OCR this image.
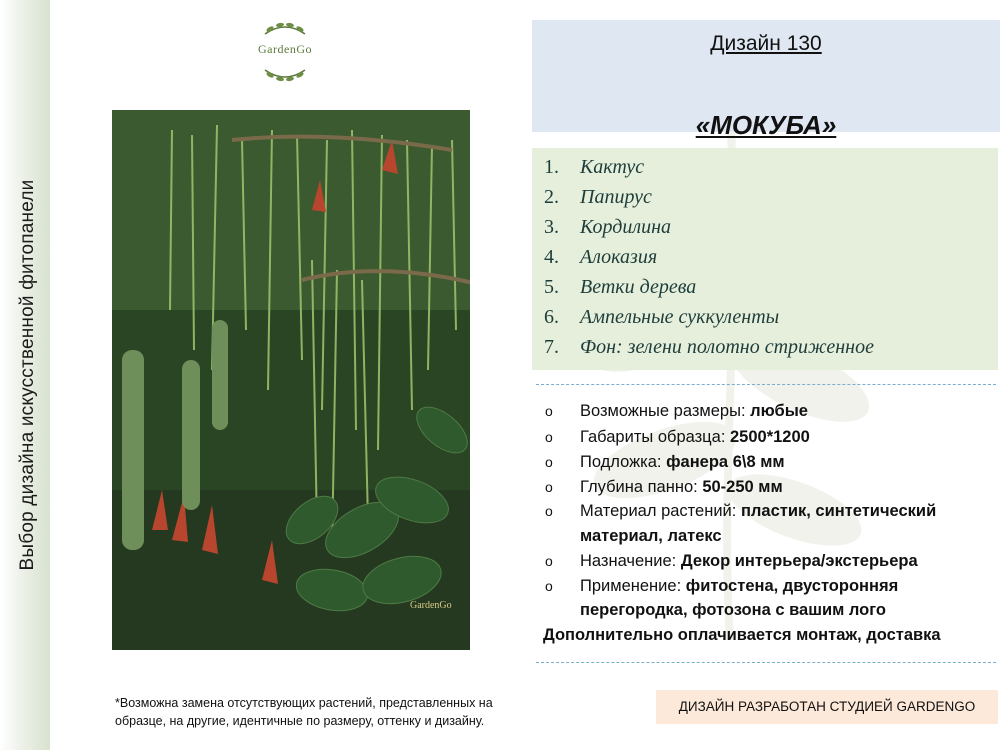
Выбор дизайна искусственной фитопанели
GardenGo
GardenGo
Дизайн 130
«МОКУБА»
1. Кактус
2. Папирус
3. Кордилина
4. Алоказия
5. Ветки дерева
6. Ампельные суккуленты
7. Фон: зелени полотно стриженное
o Возможные размеры: любые
o Габариты образца: 2500*1200
o Подложка: фанера 6\8 мм
o Глубина панно: 50-250 мм
o Материал растений: пластик, синтетический
материал, латекс
o Назначение: Декор интерьера/экстерьера
o Применение: фитостена, двусторонняя
перегородка, фотозона с вашим лого
Дополнительно оплачивается монтаж, доставка
*Возможна замена отсутствующих растений, представленных на
образце, на другие, идентичные по размеру, оттенку и дизайну.
ДИЗАЙН РАЗРАБОТАН СТУДИЕЙ GARDENGO
